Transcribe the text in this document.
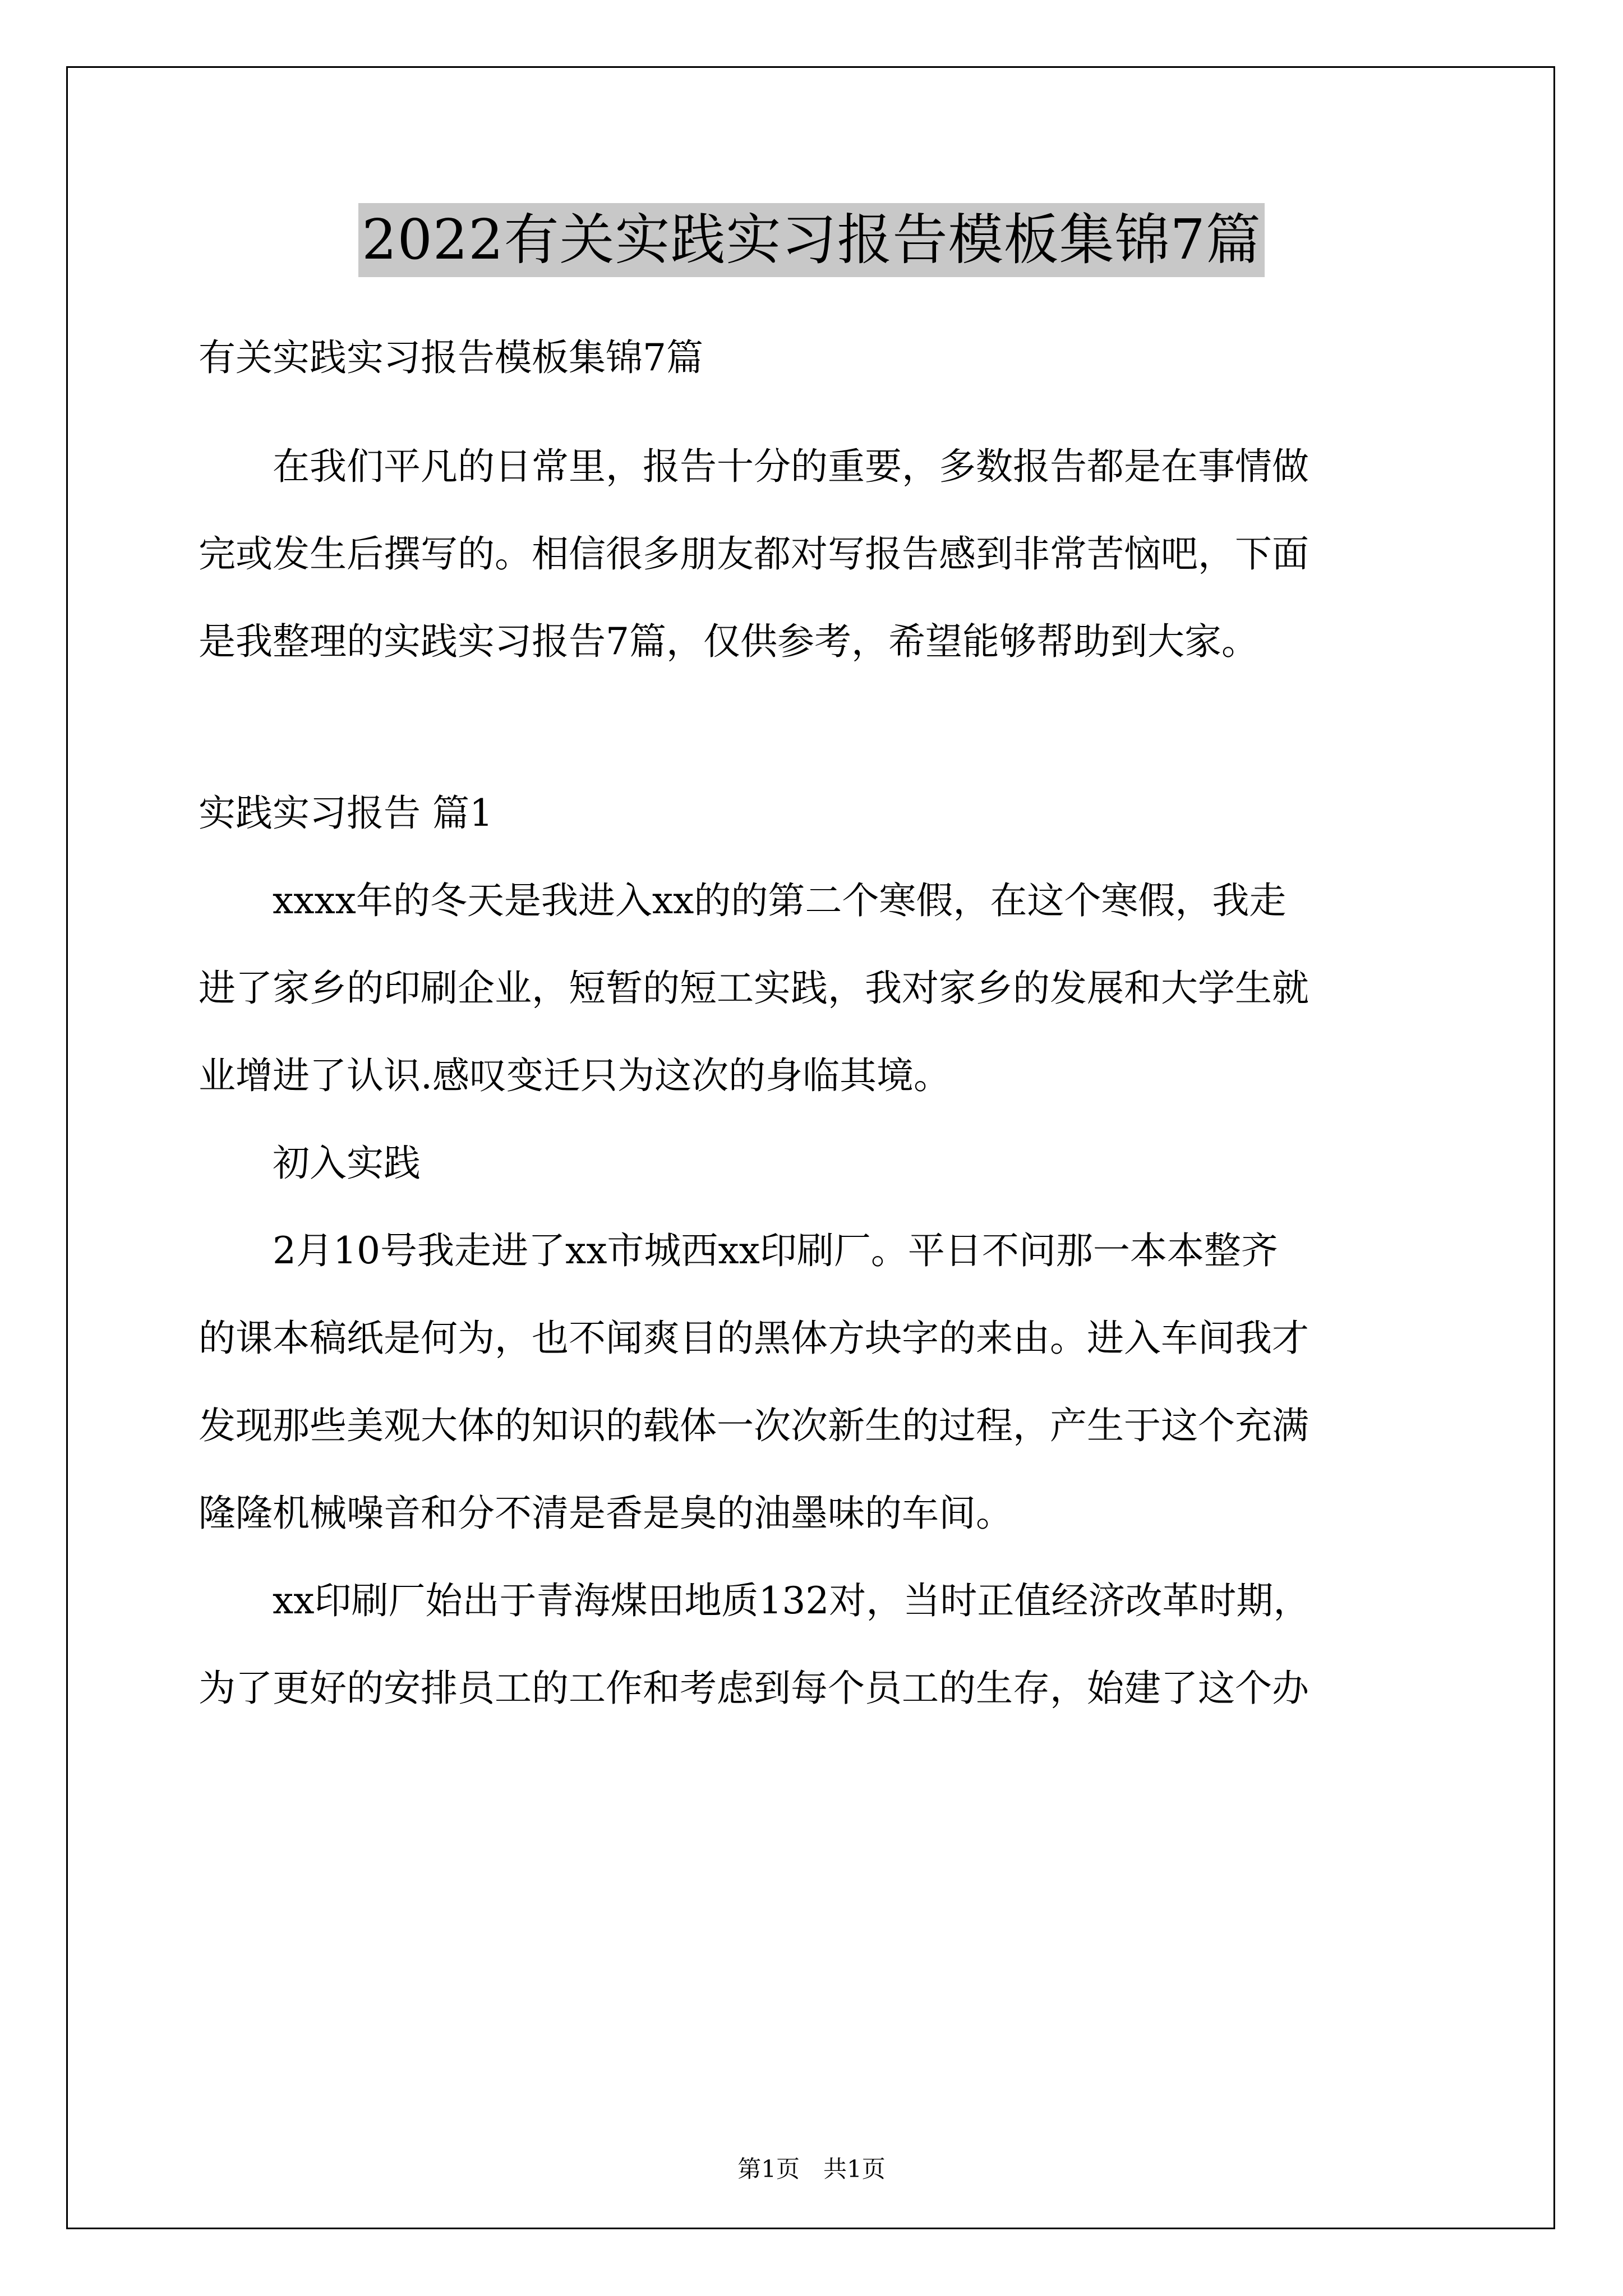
2022有关实践实习报告模板集锦7篇

有关实践实习报告模板集锦7篇

在我们平凡的日常里，报告十分的重要，多数报告都是在事情做

完或发生后撰写的。相信很多朋友都对写报告感到非常苦恼吧，下面

是我整理的实践实习报告7篇，仅供参考，希望能够帮助到大家。

实践实习报告 篇1

xxxx年的冬天是我进入xx的的第二个寒假，在这个寒假，我走

进了家乡的印刷企业，短暂的短工实践，我对家乡的发展和大学生就

业增进了认识.感叹变迁只为这次的身临其境。

初入实践

2月10号我走进了xx市城西xx印刷厂。平日不问那一本本整齐

的课本稿纸是何为，也不闻爽目的黑体方块字的来由。进入车间我才

发现那些美观大体的知识的载体一次次新生的过程，产生于这个充满

隆隆机械噪音和分不清是香是臭的油墨味的车间。

xx印刷厂始出于青海煤田地质132对，当时正值经济改革时期，

为了更好的安排员工的工作和考虑到每个员工的生存，始建了这个办

第1页　共1页
